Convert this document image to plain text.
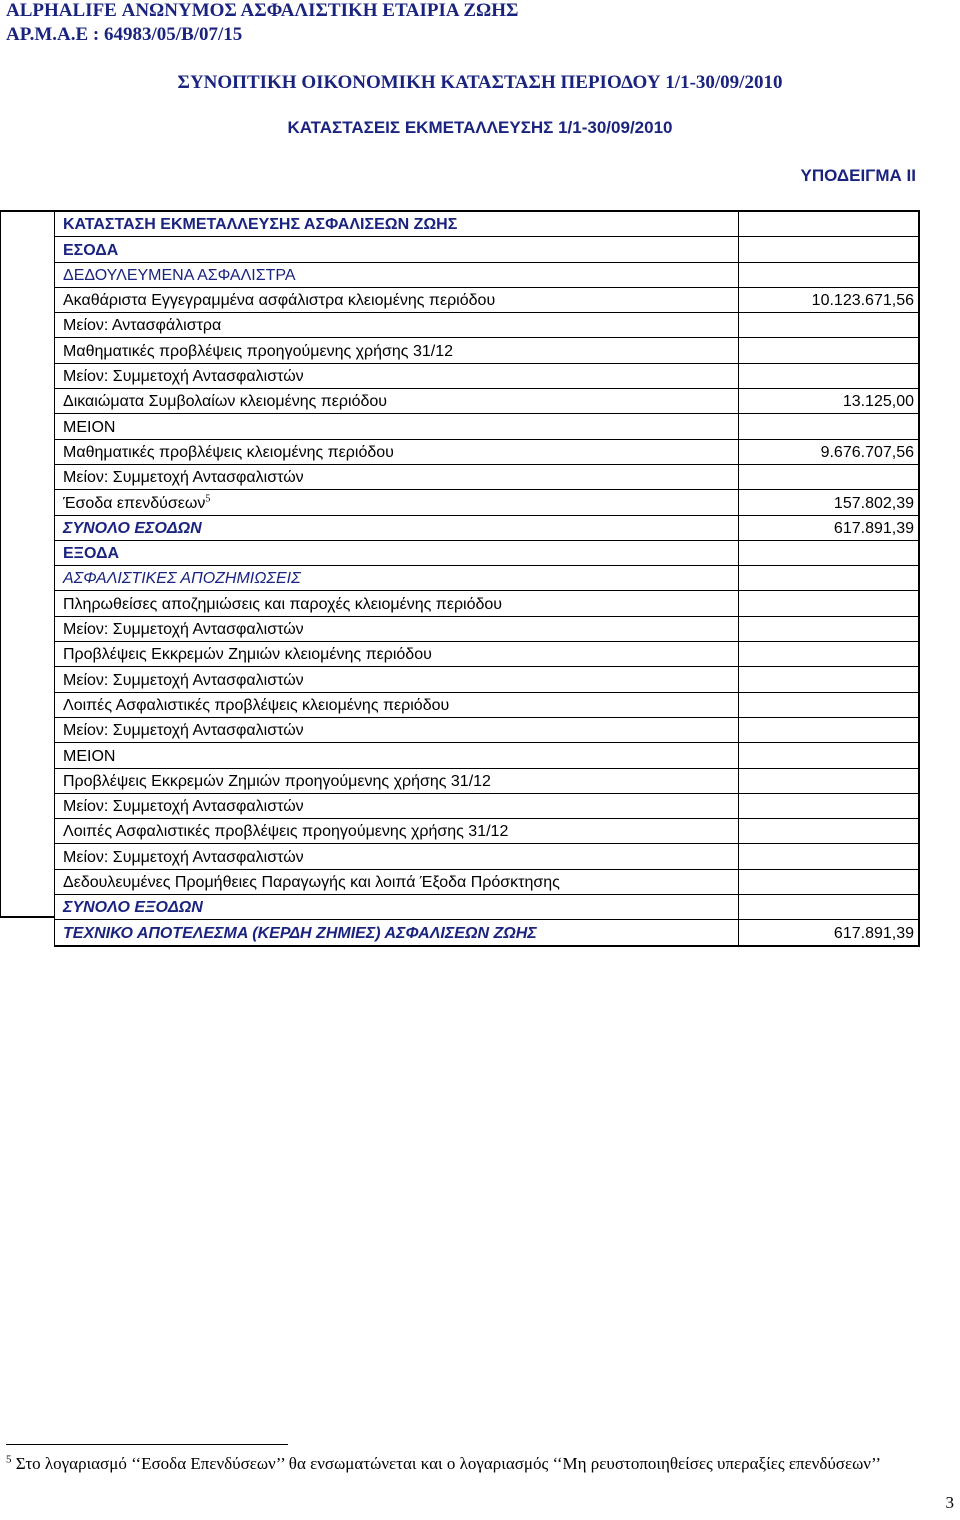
ALPHALIFE ΑΝΩΝΥΜΟΣ ΑΣΦΑΛΙΣΤΙΚΗ ΕΤΑΙΡΙΑ ΖΩΗΣ
ΑΡ.Μ.Α.Ε : 64983/05/Β/07/15
ΣΥΝΟΠΤΙΚΗ ΟΙΚΟΝΟΜΙΚΗ ΚΑΤΑΣΤΑΣΗ ΠΕΡΙΟΔΟΥ 1/1-30/09/2010
ΚΑΤΑΣΤΑΣΕΙΣ ΕΚΜΕΤΑΛΛΕΥΣΗΣ 1/1-30/09/2010
ΥΠΟΔΕΙΓΜΑ ΙΙ
ΚΑΤΑΣΤΑΣΗ ΕΚΜΕΤΑΛΛΕΥΣΗΣ ΑΣΦΑΛΙΣΕΩΝ ΖΩΗΣ	
ΕΣΟΔΑ	
ΔΕΔΟΥΛΕΥΜΕΝΑ ΑΣΦΑΛΙΣΤΡΑ	
Ακαθάριστα Εγγεγραμμένα ασφάλιστρα κλειομένης περιόδου	10.123.671,56
Μείον: Αντασφάλιστρα	
Μαθηματικές προβλέψεις προηγούμενης χρήσης 31/12	
Μείον: Συμμετοχή Αντασφαλιστών	
Δικαιώματα Συμβολαίων κλειομένης περιόδου	13.125,00
ΜΕΙΟΝ	
Μαθηματικές προβλέψεις κλειομένης περιόδου	9.676.707,56
Μείον: Συμμετοχή Αντασφαλιστών	
Έσοδα επενδύσεων$^5$	157.802,39
ΣΥΝΟΛΟ ΕΣΟΔΩΝ	617.891,39
ΕΞΟΔΑ	
ΑΣΦΑΛΙΣΤΙΚΕΣ ΑΠΟΖΗΜΙΩΣΕΙΣ	
Πληρωθείσες αποζημιώσεις και παροχές κλειομένης περιόδου	
Μείον: Συμμετοχή Αντασφαλιστών	
Προβλέψεις Εκκρεμών Ζημιών κλειομένης περιόδου	
Μείον: Συμμετοχή Αντασφαλιστών	
Λοιπές Ασφαλιστικές προβλέψεις κλειομένης περιόδου	
Μείον: Συμμετοχή Αντασφαλιστών	
ΜΕΙΟΝ	
Προβλέψεις Εκκρεμών Ζημιών προηγούμενης χρήσης 31/12	
Μείον: Συμμετοχή Αντασφαλιστών	
Λοιπές Ασφαλιστικές προβλέψεις προηγούμενης χρήσης 31/12	
Μείον: Συμμετοχή Αντασφαλιστών	
Δεδουλευμένες Προμήθειες Παραγωγής και λοιπά Έξοδα Πρόσκτησης	
ΣΥΝΟΛΟ ΕΞΟΔΩΝ	
ΤΕΧΝΙΚΟ ΑΠΟΤΕΛΕΣΜΑ (ΚΕΡΔΗ ΖΗΜΙΕΣ) ΑΣΦΑΛΙΣΕΩΝ ΖΩΗΣ	617.891,39
$^5$ Στο λογαριασμό ‘‘Εσοδα Επενδύσεων’’ θα ενσωματώνεται και ο λογαριασμός ‘‘Μη ρευστοποιηθείσες υπεραξίες επενδύσεων’’
3
